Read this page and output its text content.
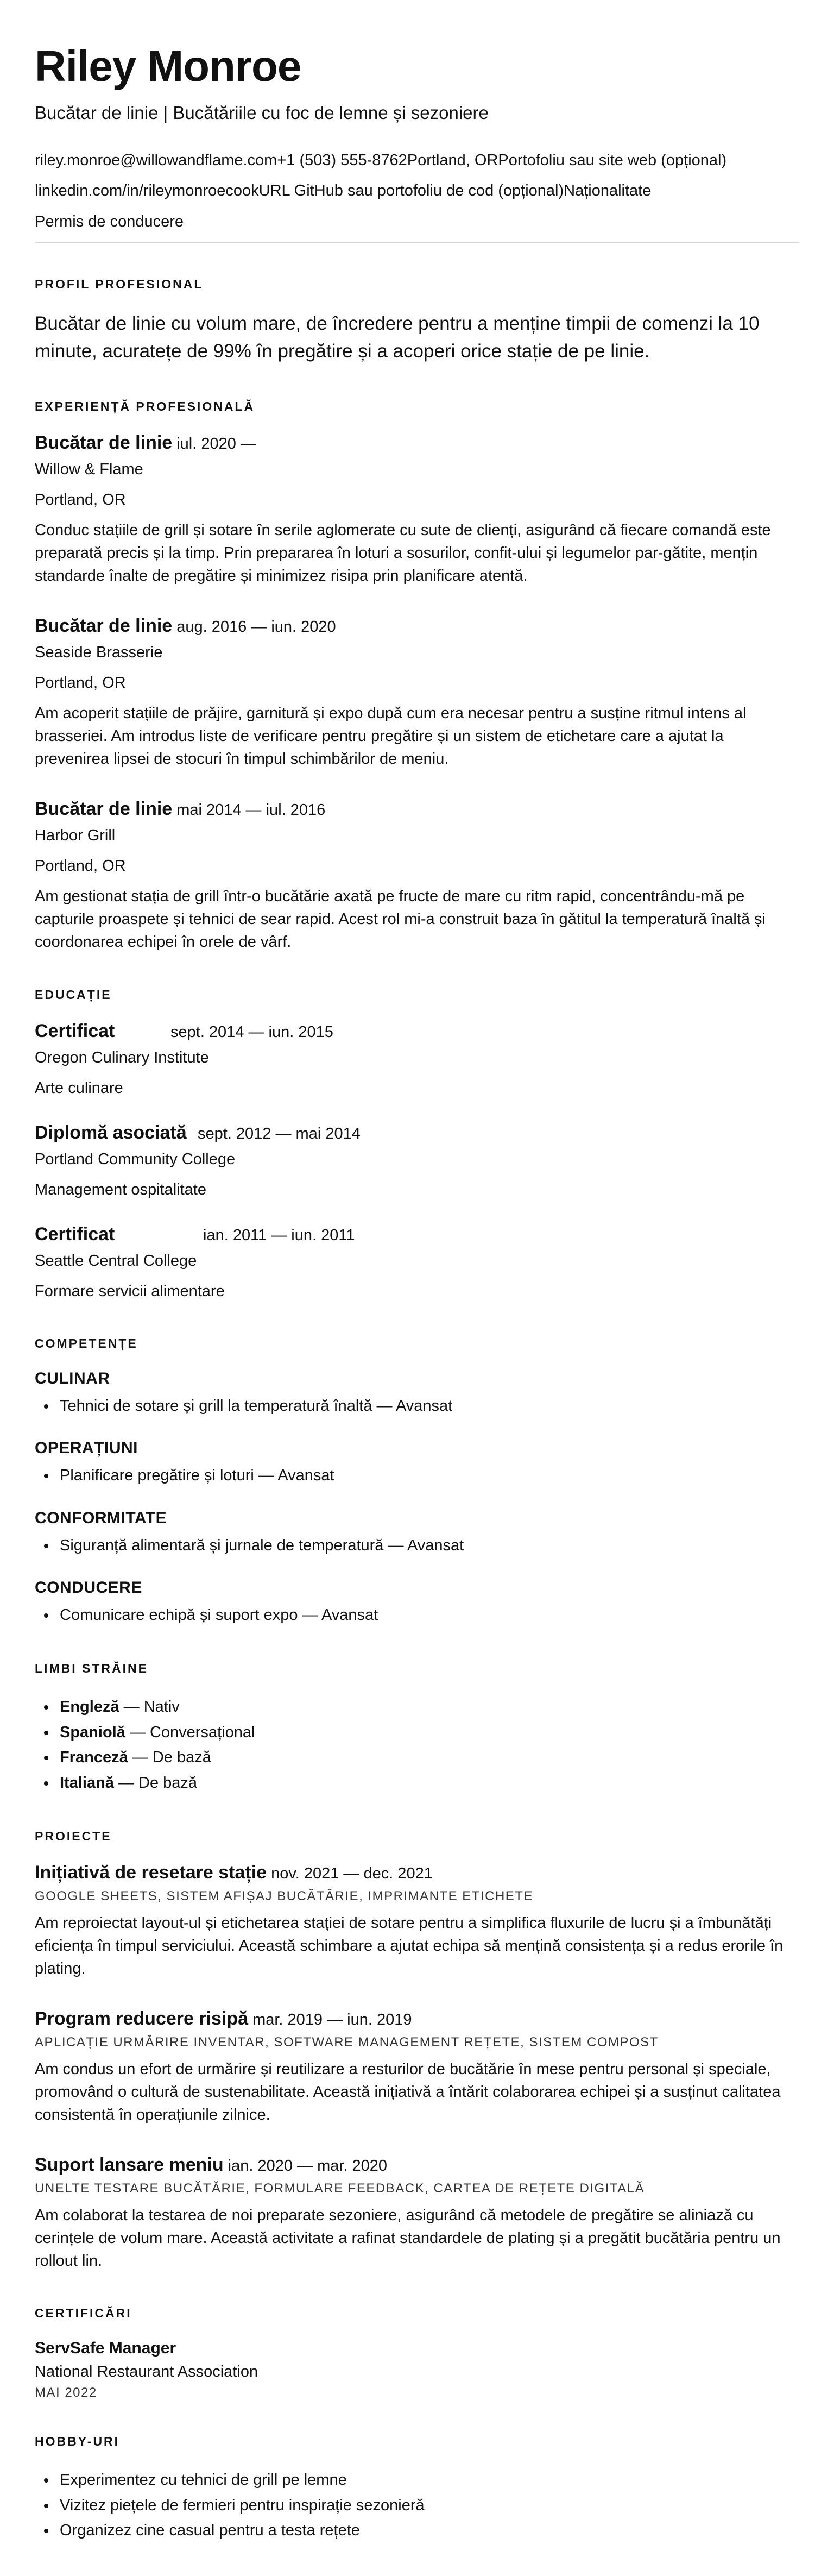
Riley Monroe
Bucătar de linie | Bucătăriile cu foc de lemne și sezoniere
riley.monroe@willowandflame.com+1 (503) 555-8762Portland, ORPortofoliu sau site web (opțional)
linkedin.com/in/rileymonroecookURL GitHub sau portofoliu de cod (opțional)Naționalitate
Permis de conducere
PROFIL PROFESIONAL

Bucătar de linie cu volum mare, de încredere pentru a menține timpii de comenzi la 10 minute, acuratețe de 99% în pregătire și a acoperi orice stație de pe linie.

EXPERIENȚĂ PROFESIONALĂ
Bucătar de linie iul. 2020 —
Willow & Flame
Portland, OR
Conduc stațiile de grill și sotare în serile aglomerate cu sute de clienți, asigurând că fiecare comandă este preparată precis și la timp. Prin prepararea în loturi a sosurilor, confit-ului și legumelor par-gătite, mențin standarde înalte de pregătire și minimizez risipa prin planificare atentă.
Bucătar de linie aug. 2016 — iun. 2020
Seaside Brasserie
Portland, OR
Am acoperit stațiile de prăjire, garnitură și expo după cum era necesar pentru a susține ritmul intens al brasseriei. Am introdus liste de verificare pentru pregătire și un sistem de etichetare care a ajutat la prevenirea lipsei de stocuri în timpul schimbărilor de meniu.
Bucătar de linie mai 2014 — iul. 2016
Harbor Grill
Portland, OR
Am gestionat stația de grill într-o bucătărie axată pe fructe de mare cu ritm rapid, concentrându-mă pe capturile proaspete și tehnici de sear rapid. Acest rol mi-a construit baza în gătitul la temperatură înaltă și coordonarea echipei în orele de vârf.
EDUCAȚIE
Certificat	sept. 2014 — iun. 2015
Oregon Culinary Institute
Arte culinare
Diplomă asociată sept. 2012 — mai 2014
Portland Community College
Management ospitalitate
Certificat	ian. 2011 — iun. 2011
Seattle Central College
Formare servicii alimentare
COMPETENȚE
CULINAR
• Tehnici de sotare și grill la temperatură înaltă — Avansat
OPERAȚIUNI
• Planificare pregătire și loturi — Avansat
CONFORMITATE
• Siguranță alimentară și jurnale de temperatură — Avansat
CONDUCERE
• Comunicare echipă și suport expo — Avansat
LIMBI STRĂINE
• Engleză — Nativ
• Spaniolă — Conversațional
• Franceză — De bază
• Italiană — De bază
PROIECTE
Inițiativă de resetare stație nov. 2021 — dec. 2021
GOOGLE SHEETS, SISTEM AFIȘAJ BUCĂTĂRIE, IMPRIMANTE ETICHETE
Am reproiectat layout-ul și etichetarea stației de sotare pentru a simplifica fluxurile de lucru și a îmbunătăți eficiența în timpul serviciului. Această schimbare a ajutat echipa să mențină consistența și a redus erorile în plating.
Program reducere risipă mar. 2019 — iun. 2019
APLICAȚIE URMĂRIRE INVENTAR, SOFTWARE MANAGEMENT REȚETE, SISTEM COMPOST
Am condus un efort de urmărire și reutilizare a resturilor de bucătărie în mese pentru personal și speciale, promovând o cultură de sustenabilitate. Această inițiativă a întărit colaborarea echipei și a susținut calitatea consistentă în operațiunile zilnice.
Suport lansare meniu ian. 2020 — mar. 2020
UNELTE TESTARE BUCĂTĂRIE, FORMULARE FEEDBACK, CARTEA DE REȚETE DIGITALĂ
Am colaborat la testarea de noi preparate sezoniere, asigurând că metodele de pregătire se aliniază cu cerințele de volum mare. Această activitate a rafinat standardele de plating și a pregătit bucătăria pentru un rollout lin.
CERTIFICĂRI
ServSafe Manager
National Restaurant Association
MAI 2022
HOBBY-URI
• Experimentez cu tehnici de grill pe lemne
• Vizitez piețele de fermieri pentru inspirație sezonieră
• Organizez cine casual pentru a testa rețete
